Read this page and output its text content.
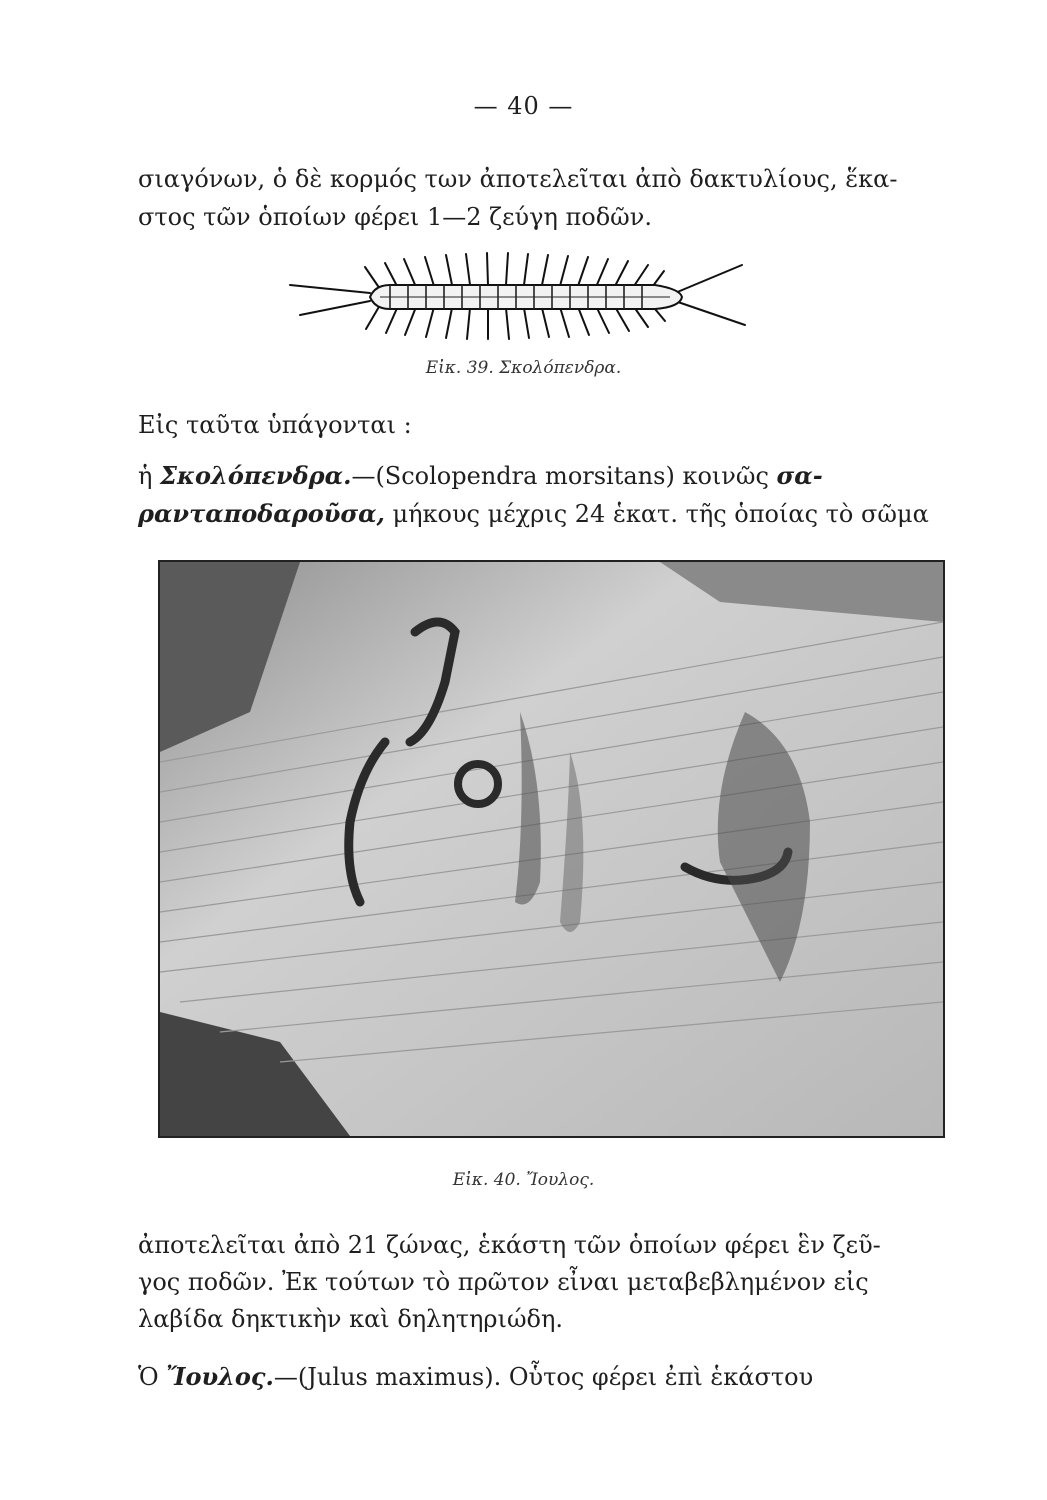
— 40 —
σιαγόνων, ὁ δὲ κορμός των ἀποτελεῖται ἀπὸ δακτυλίους, ἕκα-
στος τῶν ὁποίων φέρει 1—2 ζεύγη ποδῶν.
Εἰκ. 39. Σκολόπενδρα.
Εἰς ταῦτα ὑπάγονται :
ἡ Σκολόπενδρα.—(Scolopendra morsitans) κοινῶς σα-
ρανταποδαροῦσα, μήκους μέχρις 24 ἑκατ. τῆς ὁποίας τὸ σῶμα
Εἰκ. 40. Ἴουλος.
ἀποτελεῖται ἀπὸ 21 ζώνας, ἑκάστη τῶν ὁποίων φέρει ἓν ζεῦ-
γος ποδῶν. Ἐκ τούτων τὸ πρῶτον εἶναι μεταβεβλημένον εἰς
λαβίδα δηκτικὴν καὶ δηλητηριώδη.
Ὁ Ἴουλος.—(Julus maximus). Οὗτος φέρει ἐπὶ ἑκάστου
